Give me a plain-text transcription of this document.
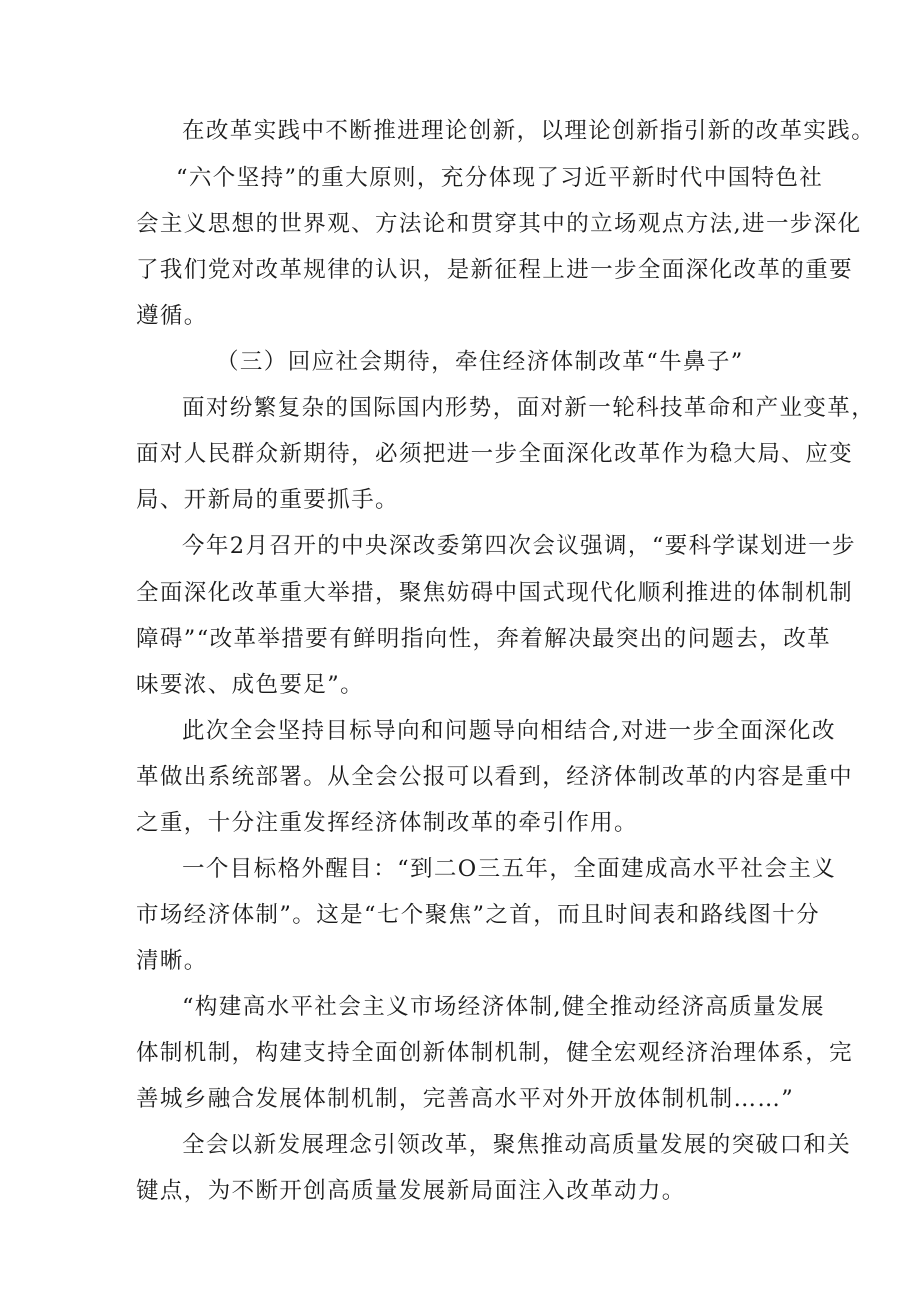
在改革实践中不断推进理论创新，以理论创新指引新的改革实践。
“六个坚持”的重大原则，充分体现了习近平新时代中国特色社
会主义思想的世界观、方法论和贯穿其中的立场观点方法,进一步深化
了我们党对改革规律的认识，是新征程上进一步全面深化改革的重要
遵循。
（三）回应社会期待，牵住经济体制改革“牛鼻子”
面对纷繁复杂的国际国内形势，面对新一轮科技革命和产业变革，
面对人民群众新期待，必须把进一步全面深化改革作为稳大局、应变
局、开新局的重要抓手。
今年2月召开的中央深改委第四次会议强调，“要科学谋划进一步
全面深化改革重大举措，聚焦妨碍中国式现代化顺利推进的体制机制
障碍”“改革举措要有鲜明指向性，奔着解决最突出的问题去，改革
味要浓、成色要足”。
此次全会坚持目标导向和问题导向相结合,对进一步全面深化改
革做出系统部署。从全会公报可以看到，经济体制改革的内容是重中
之重，十分注重发挥经济体制改革的牵引作用。
一个目标格外醒目：“到二O三五年，全面建成高水平社会主义
市场经济体制”。这是“七个聚焦”之首，而且时间表和路线图十分
清晰。
“构建高水平社会主义市场经济体制,健全推动经济高质量发展
体制机制，构建支持全面创新体制机制，健全宏观经济治理体系，完
善城乡融合发展体制机制，完善高水平对外开放体制机制……”
全会以新发展理念引领改革，聚焦推动高质量发展的突破口和关
键点，为不断开创高质量发展新局面注入改革动力。
